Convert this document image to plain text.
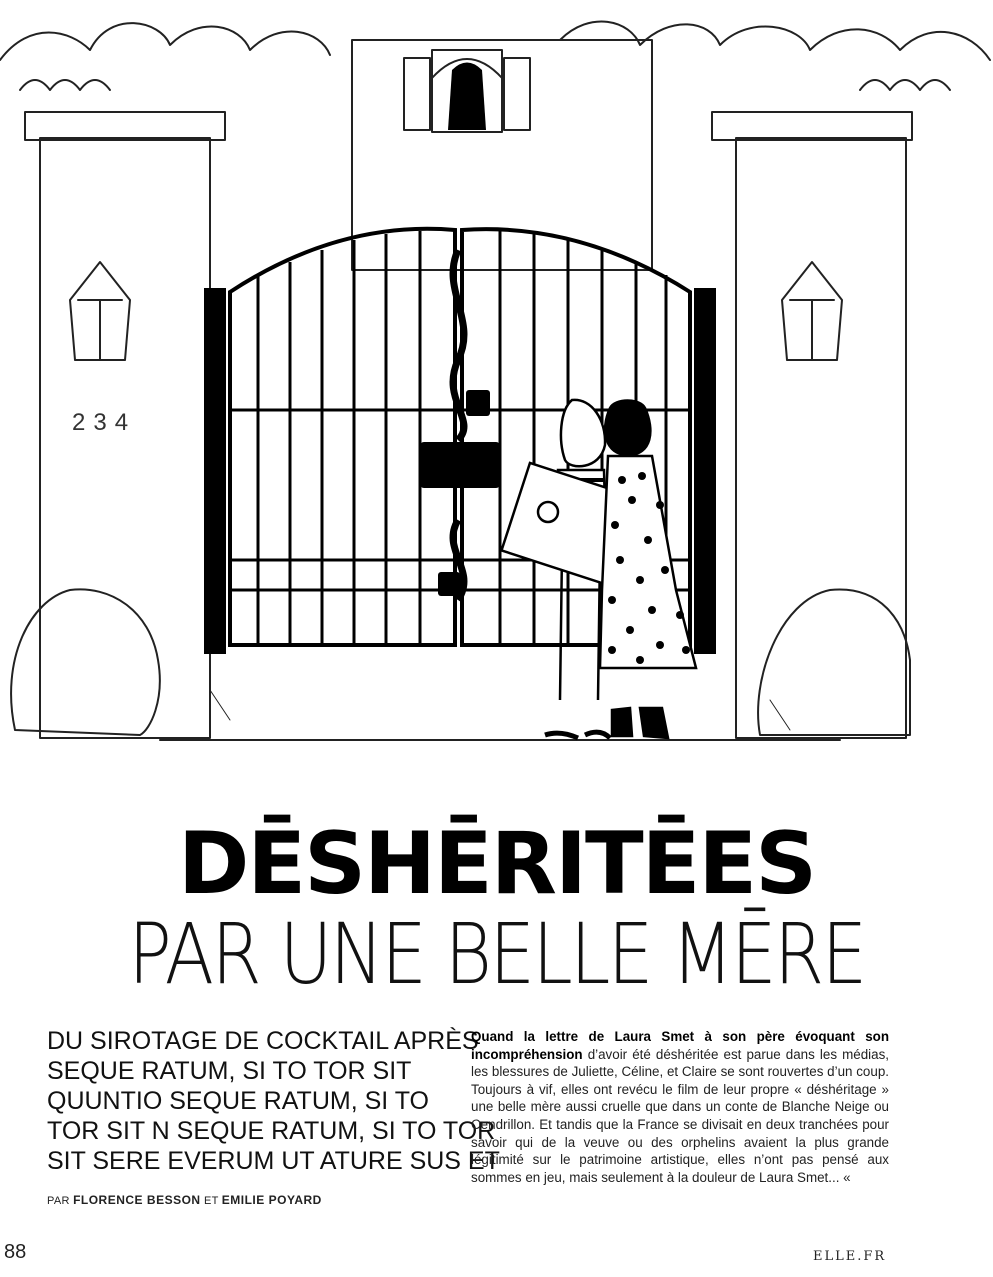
234
DĒSHĒRITĒES
PAR UNE BELLE MĒRE
DU SIROTAGE DE COCKTAIL APRÈS
SEQUE RATUM, SI TO TOR SIT
QUUNTIO SEQUE RATUM, SI TO
TOR SIT N SEQUE RATUM, SI TO TOR
SIT SERE EVERUM UT ATURE SUS ET
PAR FLORENCE BESSON ET EMILIE POYARD
Quand la lettre de Laura Smet à son père évoquant son incompréhension d’avoir été déshéritée est parue dans les médias, les blessures de Juliette, Céline, et Claire se sont rouvertes d’un coup. Toujours à vif, elles ont revécu le film de leur propre « déshéritage » une belle mère aussi cruelle que dans un conte de Blanche Neige ou Cendrillon. Et tandis que la France se divisait en deux tranchées pour savoir qui de la veuve ou des orphelins avaient la plus grande légitimité sur le patrimoine artistique, elles n’ont pas pensé aux sommes en jeu, mais seulement à la douleur de Laura Smet... «
88	ELLE.FR
